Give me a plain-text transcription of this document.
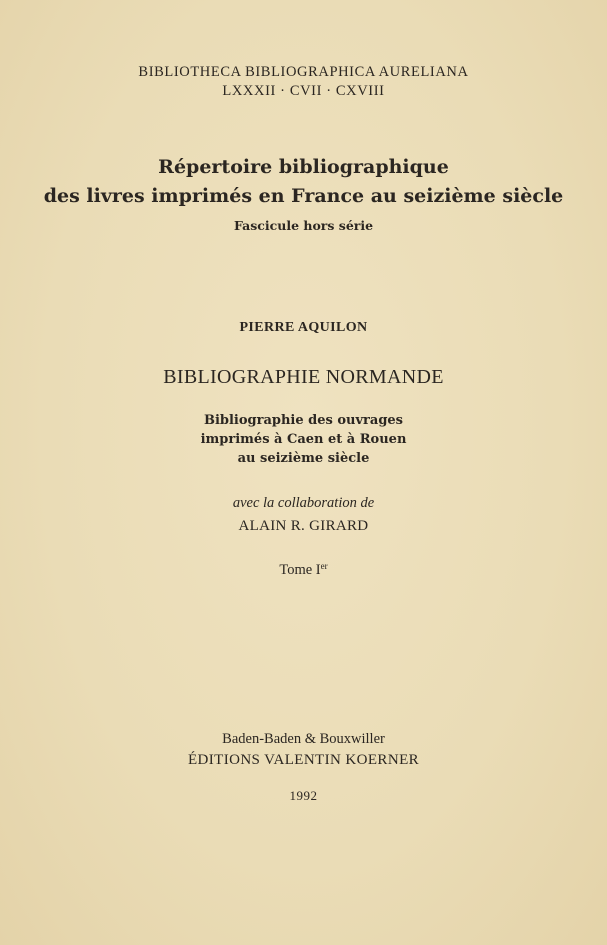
BIBLIOTHECA BIBLIOGRAPHICA AURELIANA
LXXXII · CVII · CXVIII
Répertoire bibliographique
des livres imprimés en France au seizième siècle
Fascicule hors série
PIERRE AQUILON
BIBLIOGRAPHIE NORMANDE
Bibliographie des ouvrages
imprimés à Caen et à Rouen
au seizième siècle
avec la collaboration de
ALAIN R. GIRARD
Tome Ier
Baden-Baden & Bouxwiller
ÉDITIONS VALENTIN KOERNER
1992
